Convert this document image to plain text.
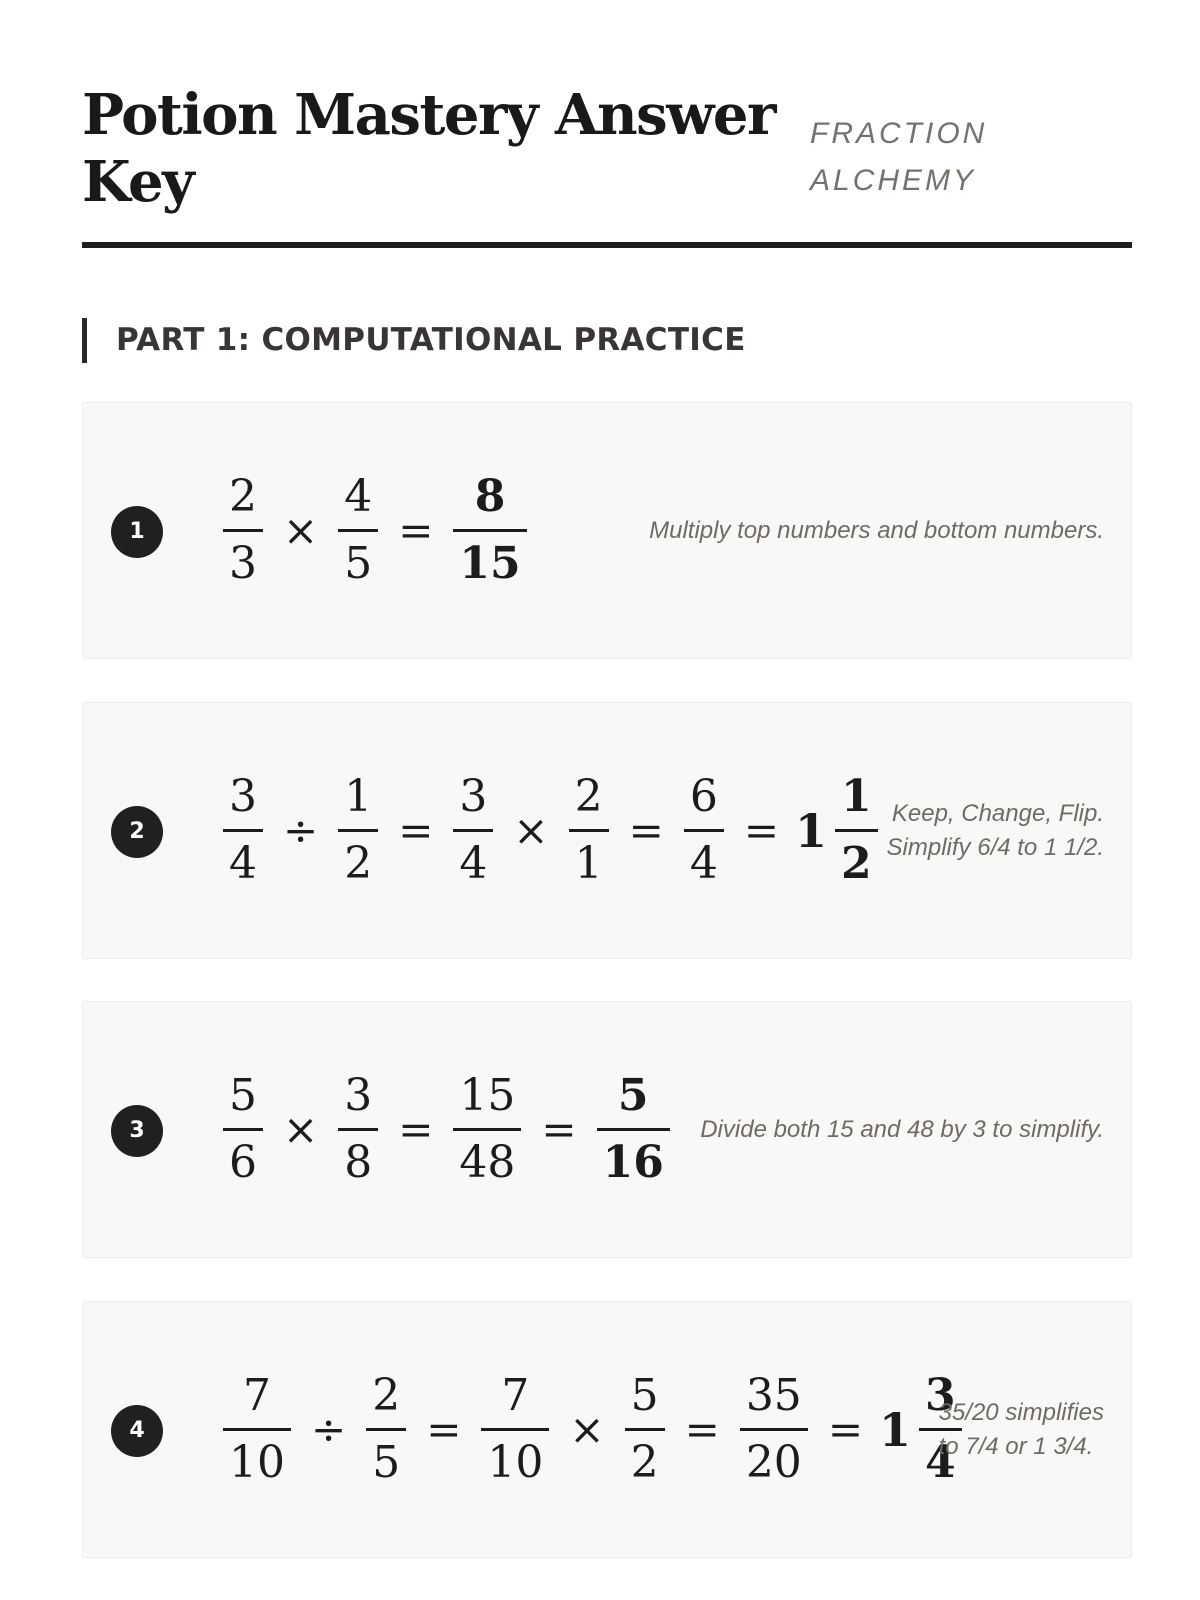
Potion Mastery Answer Key
FRACTION ALCHEMY
PART 1: COMPUTATIONAL PRACTICE
1	$\frac{2}{3} \times \frac{4}{5} = \frac{8}{15}$	Multiply top numbers and bottom numbers.
2	$\frac{3}{4} \div \frac{1}{2} = \frac{3}{4} \times \frac{2}{1} = \frac{6}{4} = 1 \frac{1}{2}$ Keep, Change, Flip.
Simplify 6/4 to 1 1/2.
3	$\frac{5}{6} \times \frac{3}{8} = \frac{15}{48} = \frac{5}{16}$ Divide both 15 and 48 by 3 to simplify.
4	$\frac{7}{10} \div \frac{2}{5} = \frac{7}{10} \times \frac{5}{2} = \frac{35}{20} = 1 \frac{3}{4}$
35/20 simplifies
to 7/4 or 1 3/4.
